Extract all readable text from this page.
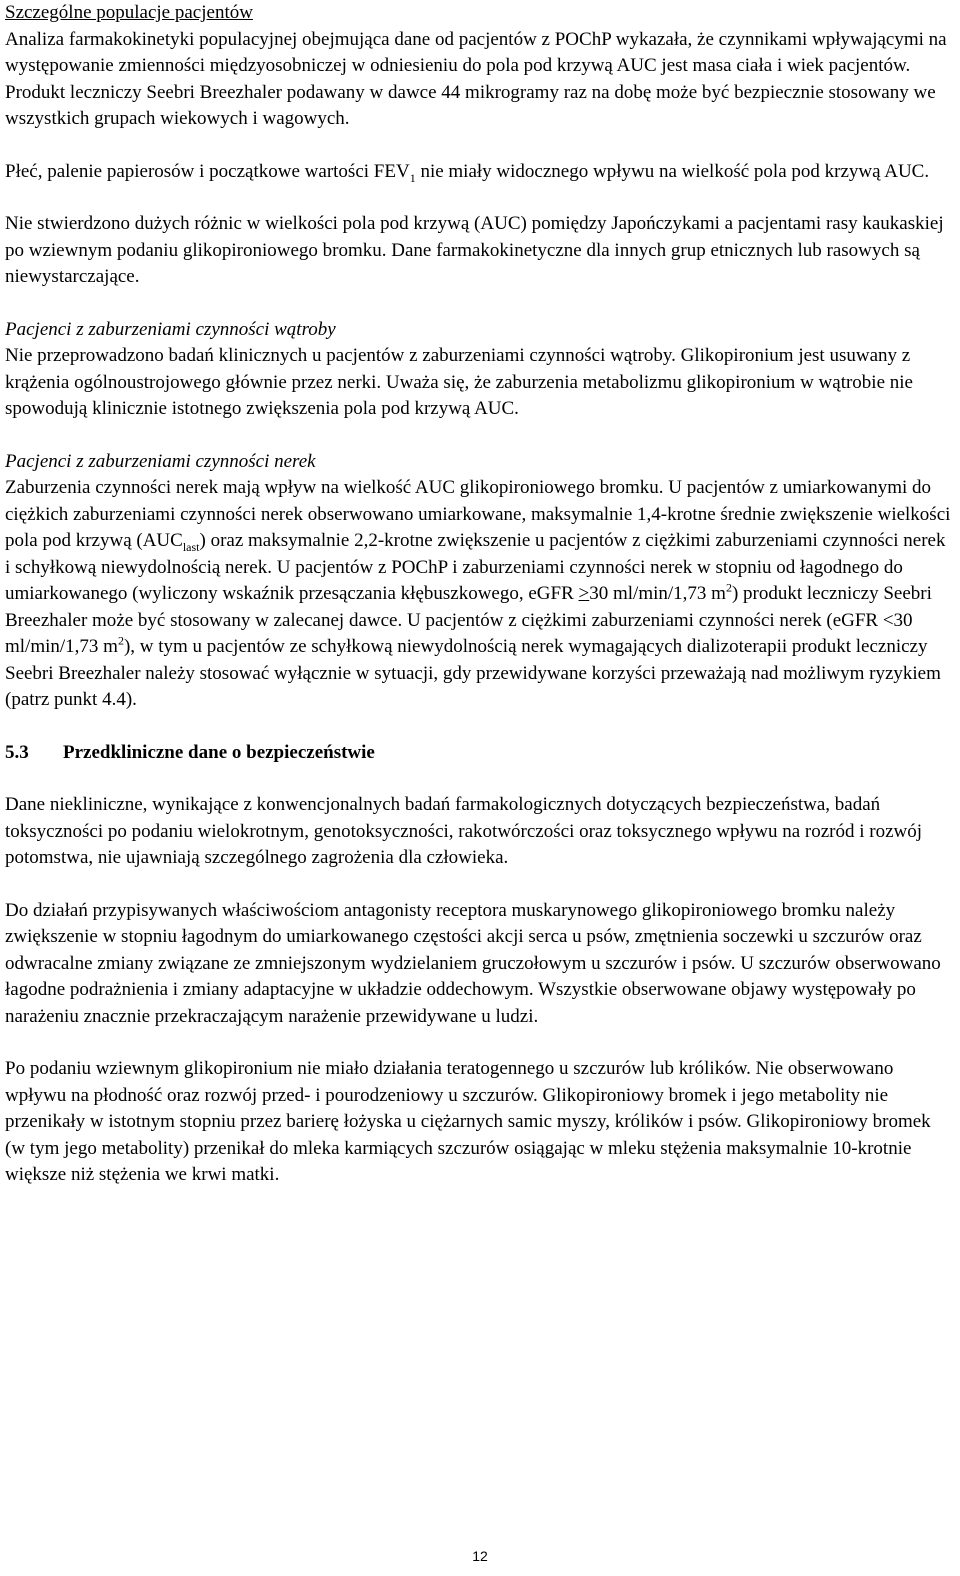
Szczególne populacje pacjentów

Analiza farmakokinetyki populacyjnej obejmująca dane od pacjentów z POChP wykazała, że czynnikami wpływającymi na występowanie zmienności międzyosobniczej w odniesieniu do pola pod krzywą AUC jest masa ciała i wiek pacjentów. Produkt leczniczy Seebri Breezhaler podawany w dawce 44 mikrogramy raz na dobę może być bezpiecznie stosowany we wszystkich grupach wiekowych i wagowych.

Płeć, palenie papierosów i początkowe wartości $FEV_1$ nie miały widocznego wpływu na wielkość pola pod krzywą AUC.

Nie stwierdzono dużych różnic w wielkości pola pod krzywą (AUC) pomiędzy Japończykami a pacjentami rasy kaukaskiej po wziewnym podaniu glikopironiowego bromku. Dane farmakokinetyczne dla innych grup etnicznych lub rasowych są niewystarczające.

Pacjenci z zaburzeniami czynności wątroby

Nie przeprowadzono badań klinicznych u pacjentów z zaburzeniami czynności wątroby. Glikopironium jest usuwany z krążenia ogólnoustrojowego głównie przez nerki. Uważa się, że zaburzenia metabolizmu glikopironium w wątrobie nie spowodują klinicznie istotnego zwiększenia pola pod krzywą AUC.

Pacjenci z zaburzeniami czynności nerek

Zaburzenia czynności nerek mają wpływ na wielkość AUC glikopironiowego bromku. U pacjentów z umiarkowanymi do ciężkich zaburzeniami czynności nerek obserwowano umiarkowane, maksymalnie 1,4-krotne średnie zwiększenie wielkości pola pod krzywą $(AUC_{last})$ oraz maksymalnie 2,2-krotne zwiększenie u pacjentów z ciężkimi zaburzeniami czynności nerek i schyłkową niewydolnością nerek. U pacjentów z POChP i zaburzeniami czynności nerek w stopniu od łagodnego do umiarkowanego (wyliczony wskaźnik przesączania kłębuszkowego, eGFR ≥30 ml/min/1,73 $m^2$) produkt leczniczy Seebri Breezhaler może być stosowany w zalecanej dawce. U pacjentów z ciężkimi zaburzeniami czynności nerek (eGFR <30 ml/min/1,73 $m^2$), w tym u pacjentów ze schyłkową niewydolnością nerek wymagających dializoterapii produkt leczniczy Seebri Breezhaler należy stosować wyłącznie w sytuacji, gdy przewidywane korzyści przeważają nad możliwym ryzykiem (patrz punkt 4.4).

5.3	Przedkliniczne dane o bezpieczeństwie

Dane niekliniczne, wynikające z konwencjonalnych badań farmakologicznych dotyczących bezpieczeństwa, badań toksyczności po podaniu wielokrotnym, genotoksyczności, rakotwórczości oraz toksycznego wpływu na rozród i rozwój potomstwa, nie ujawniają szczególnego zagrożenia dla człowieka.

Do działań przypisywanych właściwościom antagonisty receptora muskarynowego glikopironiowego bromku należy zwiększenie w stopniu łagodnym do umiarkowanego częstości akcji serca u psów, zmętnienia soczewki u szczurów oraz odwracalne zmiany związane ze zmniejszonym wydzielaniem gruczołowym u szczurów i psów. U szczurów obserwowano łagodne podrażnienia i zmiany adaptacyjne w układzie oddechowym. Wszystkie obserwowane objawy występowały po narażeniu znacznie przekraczającym narażenie przewidywane u ludzi.

Po podaniu wziewnym glikopironium nie miało działania teratogennego u szczurów lub królików. Nie obserwowano wpływu na płodność oraz rozwój przed- i pourodzeniowy u szczurów. Glikopironiowy bromek i jego metabolity nie przenikały w istotnym stopniu przez barierę łożyska u ciężarnych samic myszy, królików i psów. Glikopironiowy bromek (w tym jego metabolity) przenikał do mleka karmiących szczurów osiągając w mleku stężenia maksymalnie 10-krotnie większe niż stężenia we krwi matki.

12
